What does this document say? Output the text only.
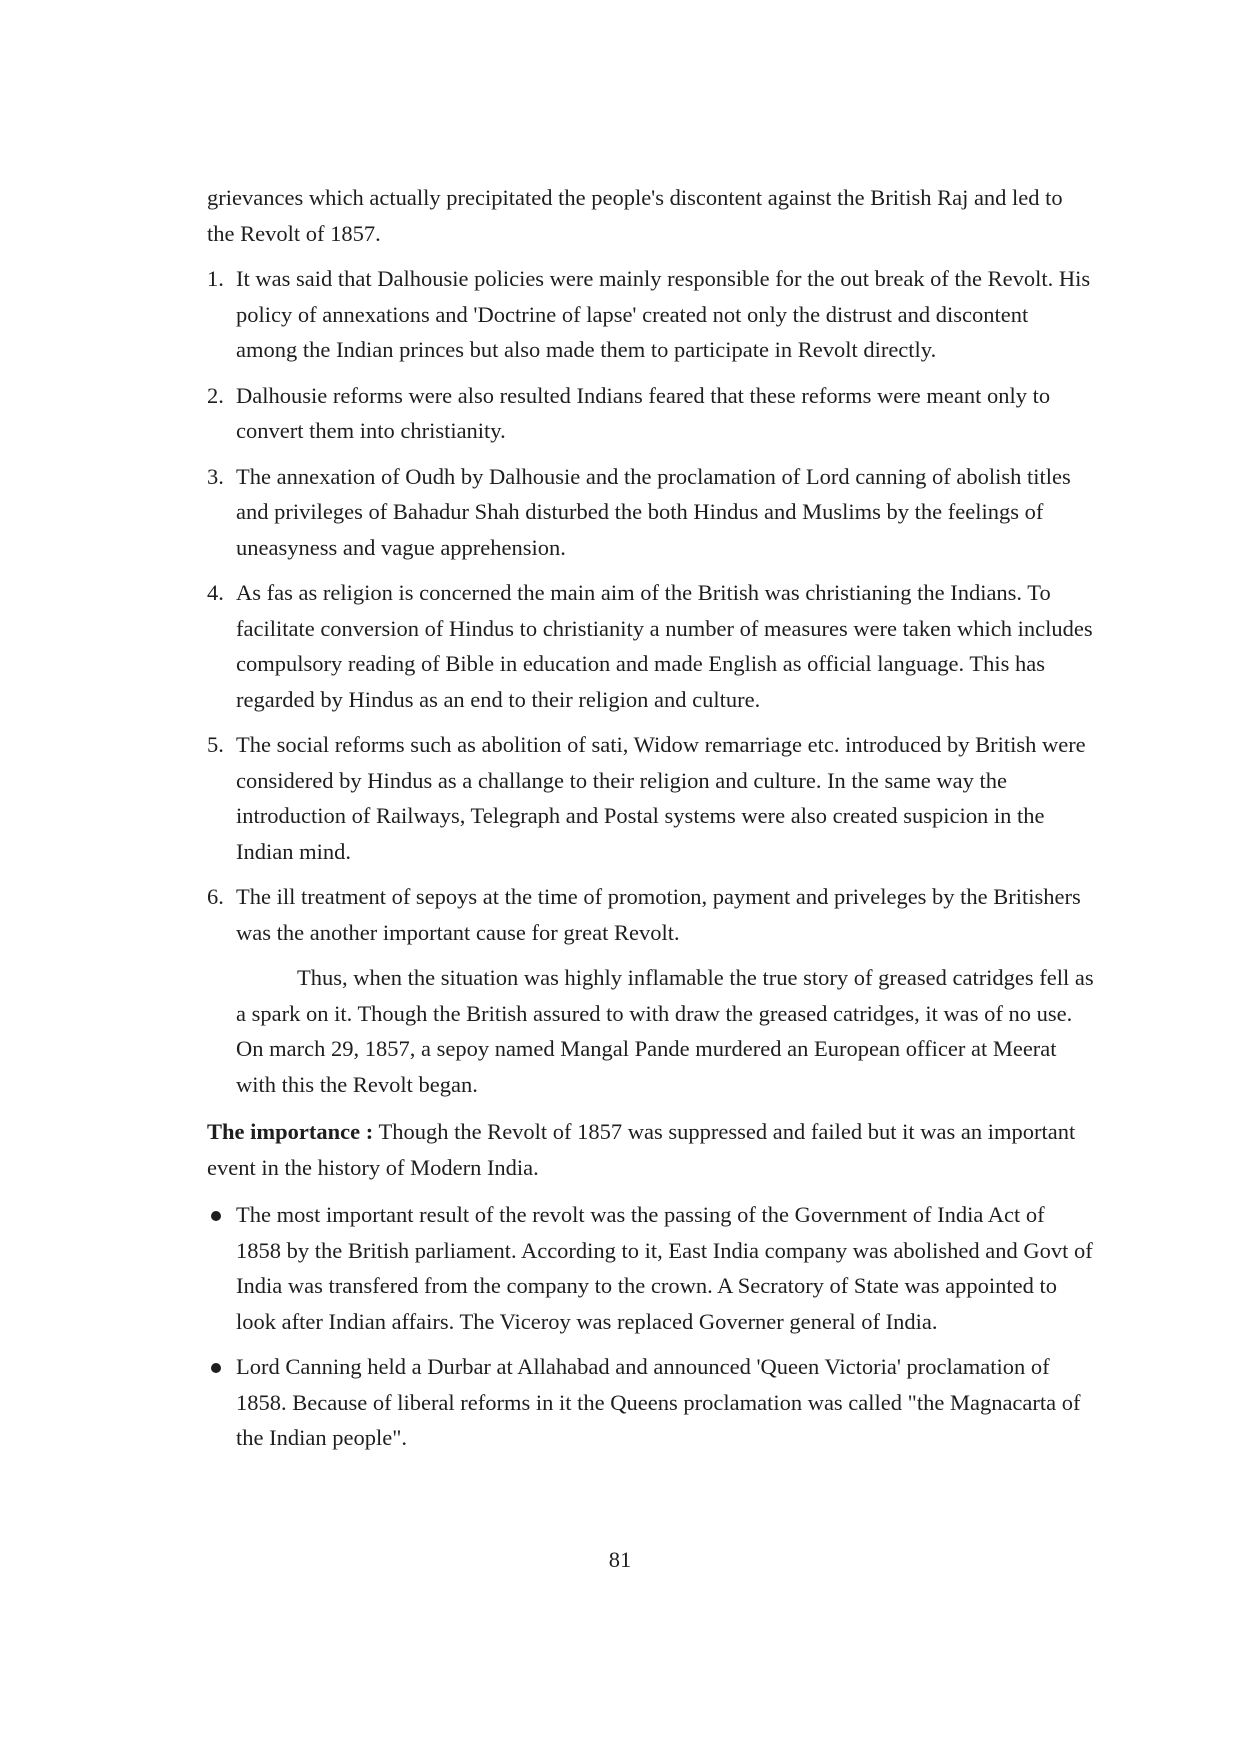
grievances which actually precipitated the people's discontent against the British Raj and led to the Revolt of 1857.

1. It was said that Dalhousie policies were mainly responsible for the out break of the Revolt. His policy of annexations and 'Doctrine of lapse' created not only the distrust and discontent among the Indian princes but also made them to participate in Revolt directly.
2. Dalhousie reforms were also resulted Indians feared that these reforms were meant only to convert them into christianity.
3. The annexation of Oudh by Dalhousie and the proclamation of Lord canning of abolish titles and privileges of Bahadur Shah disturbed the both Hindus and Muslims by the feelings of uneasyness and vague apprehension.
4. As fas as religion is concerned the main aim of the British was christianing the Indians. To facilitate conversion of Hindus to christianity a number of measures were taken which includes compulsory reading of Bible in education and made English as official language. This has regarded by Hindus as an end to their religion and culture.
5. The social reforms such as abolition of sati, Widow remarriage etc. introduced by British were considered by Hindus as a challange to their religion and culture. In the same way the introduction of Railways, Telegraph and Postal systems were also created suspicion in the Indian mind.
6. The ill treatment of sepoys at the time of promotion, payment and priveleges by the Britishers was the another important cause for great Revolt.

Thus, when the situation was highly inflamable the true story of greased catridges fell as a spark on it. Though the British assured to with draw the greased catridges, it was of no use. On march 29, 1857, a sepoy named Mangal Pande murdered an European officer at Meerat with this the Revolt began.

The importance : Though the Revolt of 1857 was suppressed and failed but it was an important event in the history of Modern India.

The most important result of the revolt was the passing of the Government of India Act of 1858 by the British parliament. According to it, East India company was abolished and Govt of India was transfered from the company to the crown. A Secratory of State was appointed to look after Indian affairs. The Viceroy was replaced Governer general of India.
Lord Canning held a Durbar at Allahabad and announced 'Queen Victoria' proclamation of 1858. Because of liberal reforms in it the Queens proclamation was called "the Magnacarta of the Indian people".
81
